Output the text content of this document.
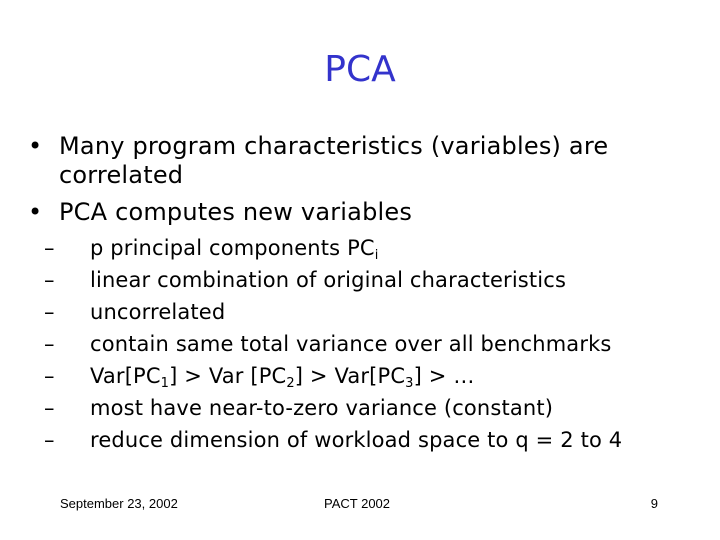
PCA
• Many program characteristics (variables) are correlated
• PCA computes new variables
– p principal components $PC_i$
– linear combination of original characteristics
– uncorrelated
– contain same total variance over all benchmarks
– $Var[PC_1]$ > Var $[PC_2] > Var[PC_3]$ > …
– most have near-to-zero variance (constant)
– reduce dimension of workload space to q = 2 to 4
September 23, 2002	PACT 2002	9
